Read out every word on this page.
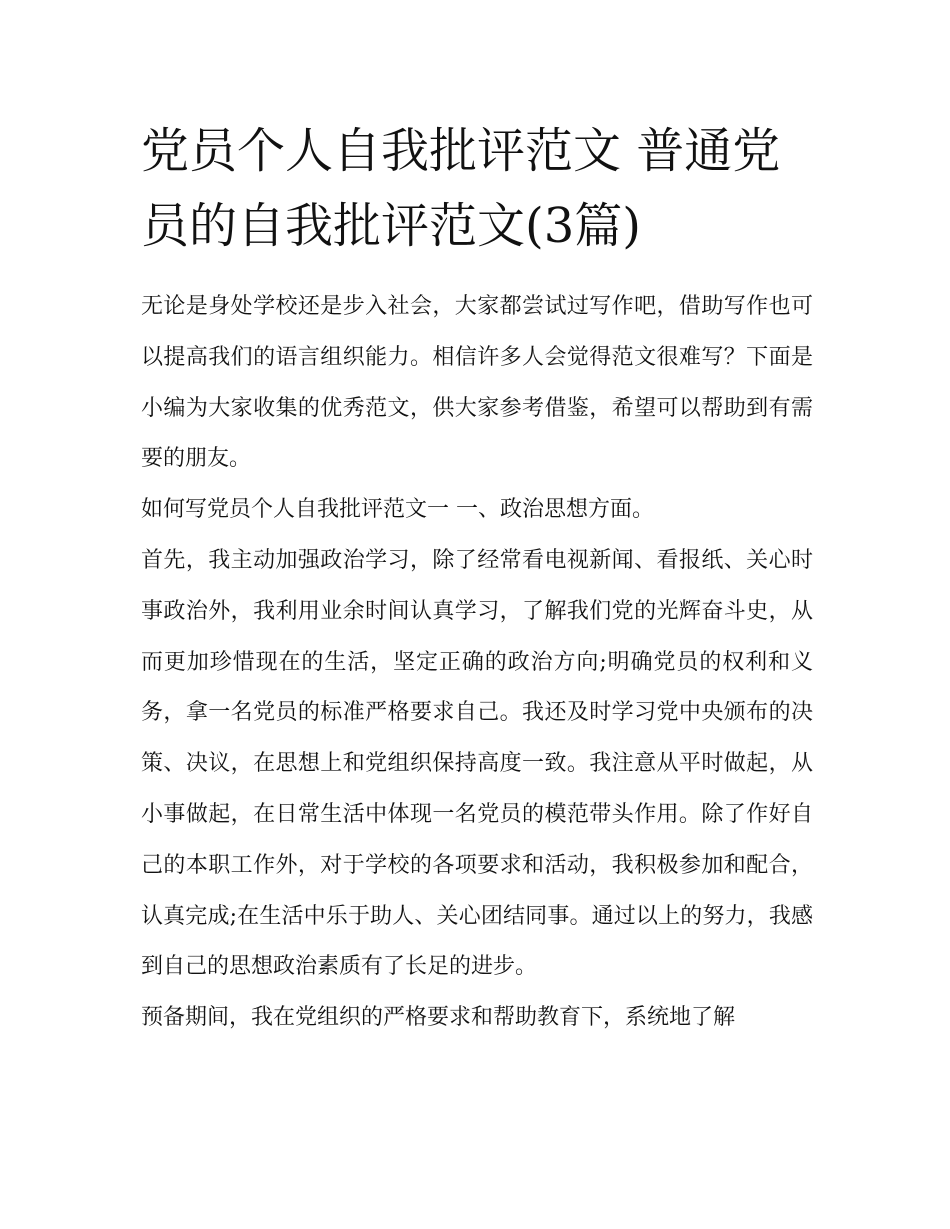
党员个人自我批评范文 普通党员的自我批评范文(3篇)

无论是身处学校还是步入社会，大家都尝试过写作吧，借助写作也可以提高我们的语言组织能力。相信许多人会觉得范文很难写？下面是小编为大家收集的优秀范文，供大家参考借鉴，希望可以帮助到有需要的朋友。

如何写党员个人自我批评范文一 一、政治思想方面。

首先，我主动加强政治学习，除了经常看电视新闻、看报纸、关心时事政治外，我利用业余时间认真学习，了解我们党的光辉奋斗史，从而更加珍惜现在的生活，坚定正确的政治方向;明确党员的权利和义务，拿一名党员的标准严格要求自己。我还及时学习党中央颁布的决策、决议，在思想上和党组织保持高度一致。我注意从平时做起，从小事做起，在日常生活中体现一名党员的模范带头作用。除了作好自己的本职工作外，对于学校的各项要求和活动，我积极参加和配合，认真完成;在生活中乐于助人、关心团结同事。通过以上的努力，我感到自己的思想政治素质有了长足的进步。

预备期间，我在党组织的严格要求和帮助教育下，系统地了解
